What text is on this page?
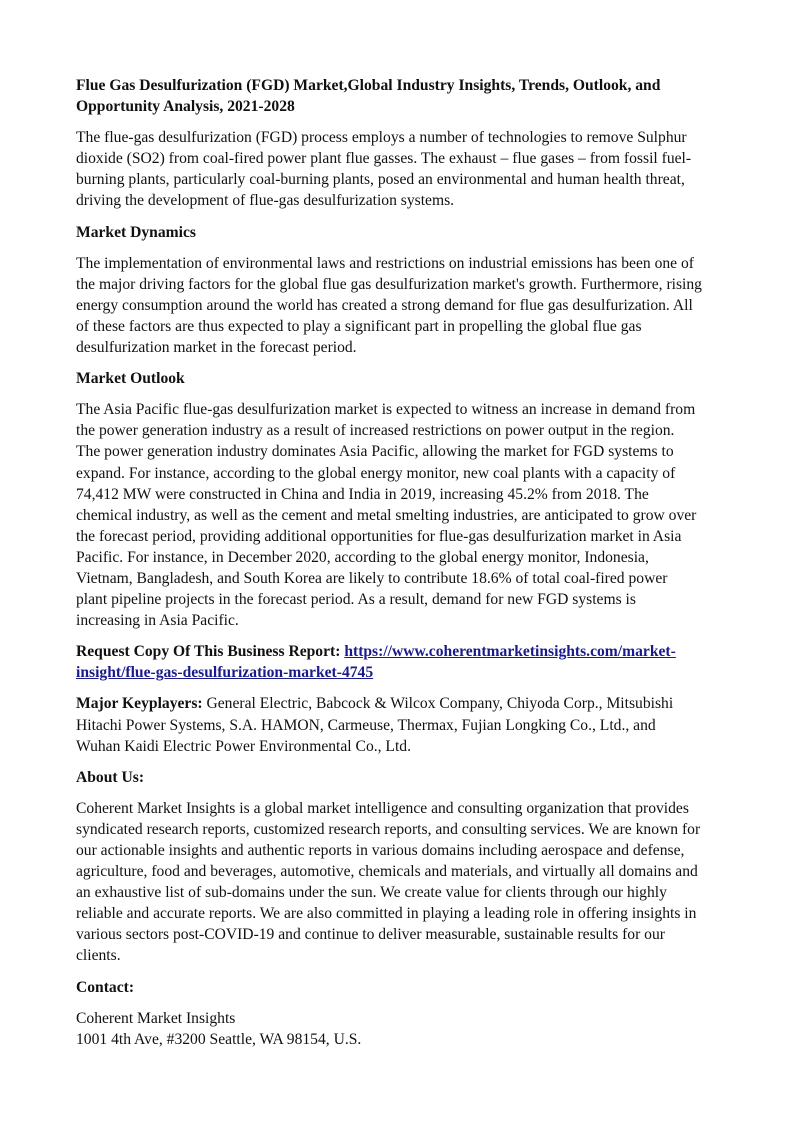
Flue Gas Desulfurization (FGD) Market,Global Industry Insights, Trends, Outlook, and
Opportunity Analysis, 2021-2028

The flue-gas desulfurization (FGD) process employs a number of technologies to remove Sulphur
dioxide (SO2) from coal-fired power plant flue gasses. The exhaust – flue gases – from fossil fuel-
burning plants, particularly coal-burning plants, posed an environmental and human health threat,
driving the development of flue-gas desulfurization systems.

Market Dynamics

The implementation of environmental laws and restrictions on industrial emissions has been one of
the major driving factors for the global flue gas desulfurization market's growth. Furthermore, rising
energy consumption around the world has created a strong demand for flue gas desulfurization. All
of these factors are thus expected to play a significant part in propelling the global flue gas
desulfurization market in the forecast period.

Market Outlook

The Asia Pacific flue-gas desulfurization market is expected to witness an increase in demand from
the power generation industry as a result of increased restrictions on power output in the region.
The power generation industry dominates Asia Pacific, allowing the market for FGD systems to
expand. For instance, according to the global energy monitor, new coal plants with a capacity of
74,412 MW were constructed in China and India in 2019, increasing 45.2% from 2018. The
chemical industry, as well as the cement and metal smelting industries, are anticipated to grow over
the forecast period, providing additional opportunities for flue-gas desulfurization market in Asia
Pacific. For instance, in December 2020, according to the global energy monitor, Indonesia,
Vietnam, Bangladesh, and South Korea are likely to contribute 18.6% of total coal-fired power
plant pipeline projects in the forecast period. As a result, demand for new FGD systems is
increasing in Asia Pacific.

Request Copy Of This Business Report: https://www.coherentmarketinsights.com/market-
insight/flue-gas-desulfurization-market-4745

Major Keyplayers: General Electric, Babcock & Wilcox Company, Chiyoda Corp., Mitsubishi
Hitachi Power Systems, S.A. HAMON, Carmeuse, Thermax, Fujian Longking Co., Ltd., and
Wuhan Kaidi Electric Power Environmental Co., Ltd.

About Us:

Coherent Market Insights is a global market intelligence and consulting organization that provides
syndicated research reports, customized research reports, and consulting services. We are known for
our actionable insights and authentic reports in various domains including aerospace and defense,
agriculture, food and beverages, automotive, chemicals and materials, and virtually all domains and
an exhaustive list of sub-domains under the sun. We create value for clients through our highly
reliable and accurate reports. We are also committed in playing a leading role in offering insights in
various sectors post-COVID-19 and continue to deliver measurable, sustainable results for our
clients.

Contact:

Coherent Market Insights
1001 4th Ave, #3200 Seattle, WA 98154, U.S.
